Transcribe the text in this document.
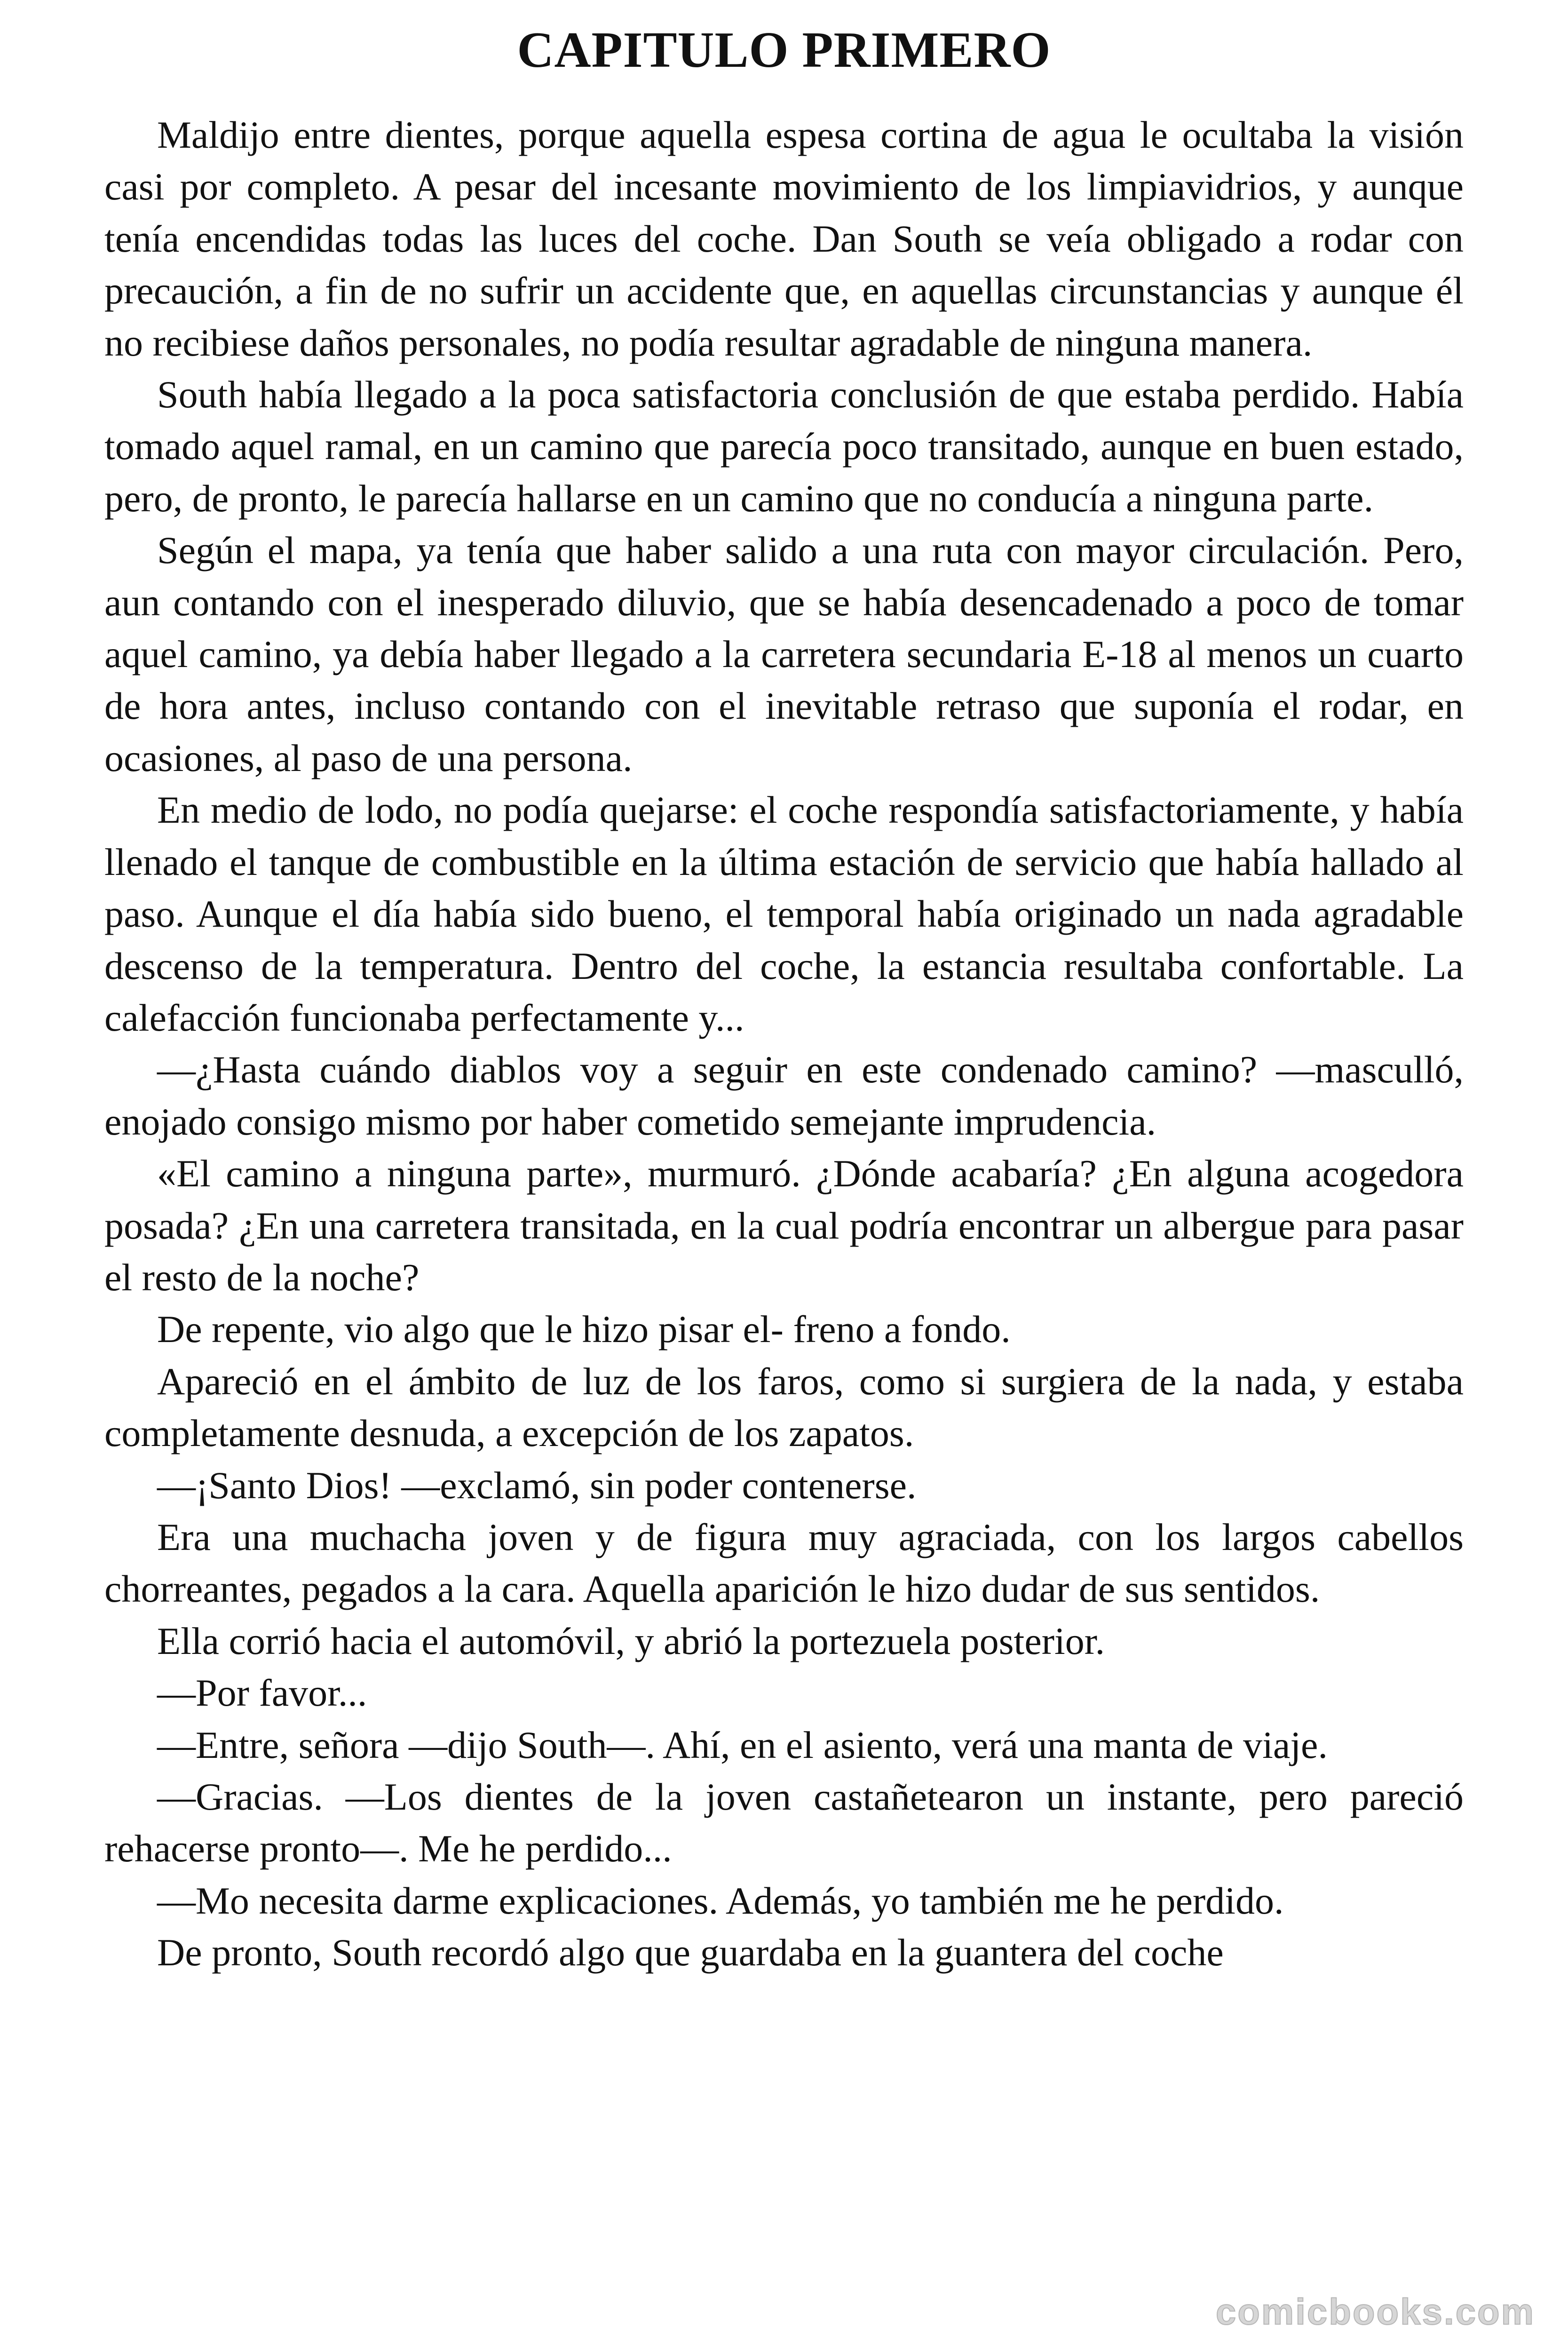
CAPITULO PRIMERO

Maldijo entre dientes, porque aquella espesa cortina de agua le ocultaba la visión casi por completo. A pesar del incesante movimiento de los limpiavidrios, y aunque tenía encendidas todas las luces del coche. Dan South se veía obligado a rodar con precaución, a fin de no sufrir un accidente que, en aquellas circunstancias y aunque él no recibiese daños personales, no podía resultar agradable de ninguna manera.

South había llegado a la poca satisfactoria conclusión de que estaba perdido. Había tomado aquel ramal, en un camino que parecía poco transitado, aunque en buen estado, pero, de pronto, le parecía hallarse en un camino que no conducía a ninguna parte.

Según el mapa, ya tenía que haber salido a una ruta con mayor circulación. Pero, aun contando con el inesperado diluvio, que se había desencadenado a poco de tomar aquel camino, ya debía haber llegado a la carretera secundaria E-18 al menos un cuarto de hora antes, incluso contando con el inevitable retraso que suponía el rodar, en ocasiones, al paso de una persona.

En medio de lodo, no podía quejarse: el coche respondía satisfactoriamente, y había llenado el tanque de combustible en la última estación de servicio que había hallado al paso. Aunque el día había sido bueno, el temporal había originado un nada agradable descenso de la temperatura. Dentro del coche, la estancia resultaba confortable. La calefacción funcionaba perfectamente y...

—¿Hasta cuándo diablos voy a seguir en este condenado camino? —masculló, enojado consigo mismo por haber cometido semejante imprudencia.

«El camino a ninguna parte», murmuró. ¿Dónde acabaría? ¿En alguna acogedora posada? ¿En una carretera transitada, en la cual podría encontrar un albergue para pasar el resto de la noche?

De repente, vio algo que le hizo pisar el- freno a fondo.

Apareció en el ámbito de luz de los faros, como si surgiera de la nada, y estaba completamente desnuda, a excepción de los zapatos.

—¡Santo Dios! —exclamó, sin poder contenerse.

Era una muchacha joven y de figura muy agraciada, con los largos cabellos chorreantes, pegados a la cara. Aquella aparición le hizo dudar de sus sentidos.

Ella corrió hacia el automóvil, y abrió la portezuela posterior.

—Por favor...

—Entre, señora —dijo South—. Ahí, en el asiento, verá una manta de viaje.

—Gracias. —Los dientes de la joven castañetearon un instante, pero pareció rehacerse pronto—. Me he perdido...

—Mo necesita darme explicaciones. Además, yo también me he perdido.

De pronto, South recordó algo que guardaba en la guantera del coche

comicbooks.com
